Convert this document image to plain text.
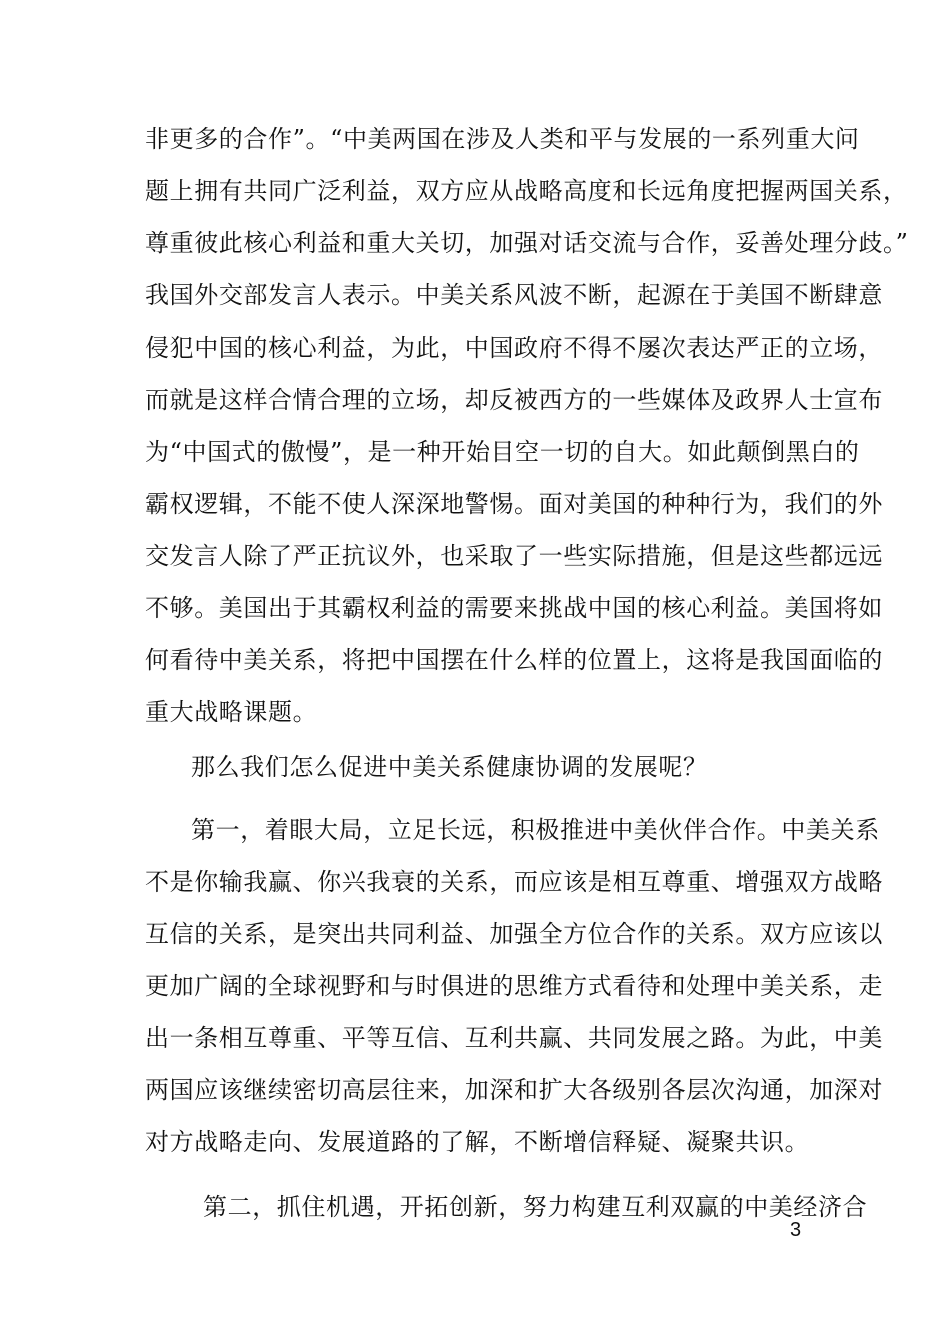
非更多的合作”。“中美两国在涉及人类和平与发展的一系列重大问
题上拥有共同广泛利益，双方应从战略高度和长远角度把握两国关系，
尊重彼此核心利益和重大关切，加强对话交流与合作，妥善处理分歧。”
我国外交部发言人表示。中美关系风波不断，起源在于美国不断肆意
侵犯中国的核心利益，为此，中国政府不得不屡次表达严正的立场，
而就是这样合情合理的立场，却反被西方的一些媒体及政界人士宣布
为“中国式的傲慢”，是一种开始目空一切的自大。如此颠倒黑白的
霸权逻辑，不能不使人深深地警惕。面对美国的种种行为，我们的外
交发言人除了严正抗议外，也采取了一些实际措施，但是这些都远远
不够。美国出于其霸权利益的需要来挑战中国的核心利益。美国将如
何看待中美关系，将把中国摆在什么样的位置上，这将是我国面临的
重大战略课题。
那么我们怎么促进中美关系健康协调的发展呢？
第一，着眼大局，立足长远，积极推进中美伙伴合作。中美关系
不是你输我赢、你兴我衰的关系，而应该是相互尊重、增强双方战略
互信的关系，是突出共同利益、加强全方位合作的关系。双方应该以
更加广阔的全球视野和与时俱进的思维方式看待和处理中美关系，走
出一条相互尊重、平等互信、互利共赢、共同发展之路。为此，中美
两国应该继续密切高层往来，加深和扩大各级别各层次沟通，加深对
对方战略走向、发展道路的了解，不断增信释疑、凝聚共识。
第二，抓住机遇，开拓创新，努力构建互利双赢的中美经济合
3
